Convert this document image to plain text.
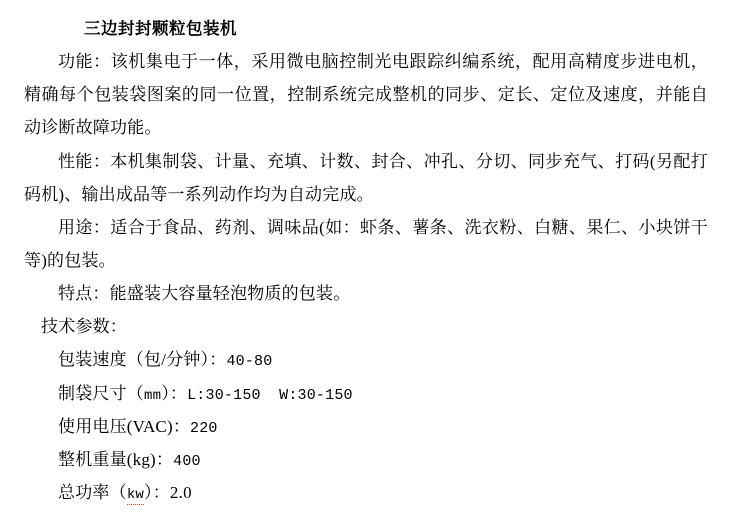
三边封封颗粒包装机

功能：该机集电于一体，采用微电脑控制光电跟踪纠编系统，配用高精度步进电机，精确每个包装袋图案的同一位置，控制系统完成整机的同步、定长、定位及速度，并能自动诊断故障功能。

性能：本机集制袋、计量、充填、计数、封合、冲孔、分切、同步充气、打码(另配打码机)、输出成品等一系列动作均为自动完成。

用途：适合于食品、药剂、调味品(如：虾条、薯条、洗衣粉、白糖、果仁、小块饼干等)的包装。

特点：能盛装大容量轻泡物质的包装。

技术参数：

包装速度（包/分钟）：40-80

制袋尺寸（mm）：L:30-150  W:30-150

使用电压(VAC)：220

整机重量(kg)：400

总功率（kw）：2.0
